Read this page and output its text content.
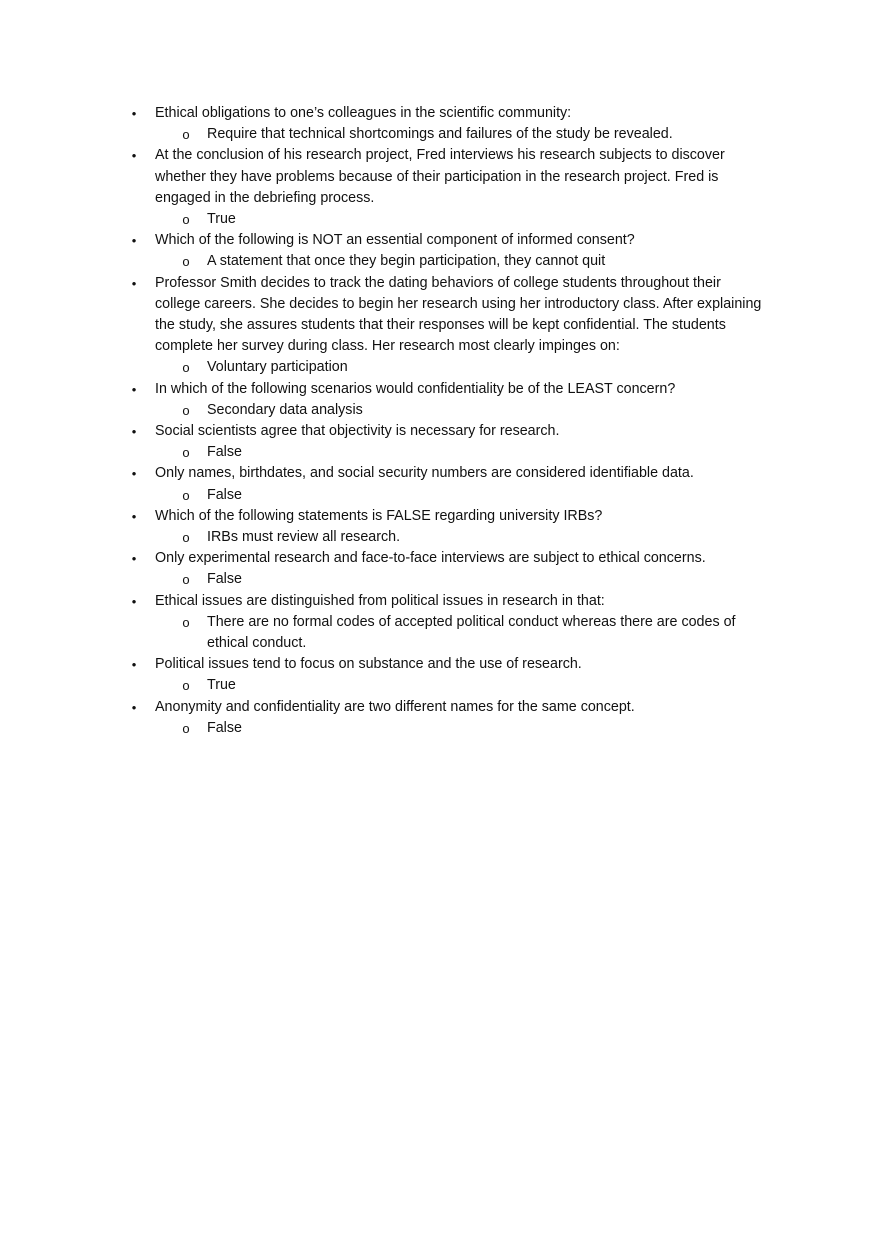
• Ethical obligations to one’s colleagues in the scientific community:
o Require that technical shortcomings and failures of the study be revealed.
• At the conclusion of his research project, Fred interviews his research subjects to discover whether they have problems because of their participation in the research project. Fred is engaged in the debriefing process.
o True
• Which of the following is NOT an essential component of informed consent?
o A statement that once they begin participation, they cannot quit
• Professor Smith decides to track the dating behaviors of college students throughout their college careers. She decides to begin her research using her introductory class. After explaining the study, she assures students that their responses will be kept confidential. The students complete her survey during class. Her research most clearly impinges on:
o Voluntary participation
• In which of the following scenarios would confidentiality be of the LEAST concern?
o Secondary data analysis
• Social scientists agree that objectivity is necessary for research.
o False
• Only names, birthdates, and social security numbers are considered identifiable data.
o False
• Which of the following statements is FALSE regarding university IRBs?
o IRBs must review all research.
• Only experimental research and face-to-face interviews are subject to ethical concerns.
o False
• Ethical issues are distinguished from political issues in research in that:
o There are no formal codes of accepted political conduct whereas there are codes of ethical conduct.
• Political issues tend to focus on substance and the use of research.
o True
• Anonymity and confidentiality are two different names for the same concept.
o False
